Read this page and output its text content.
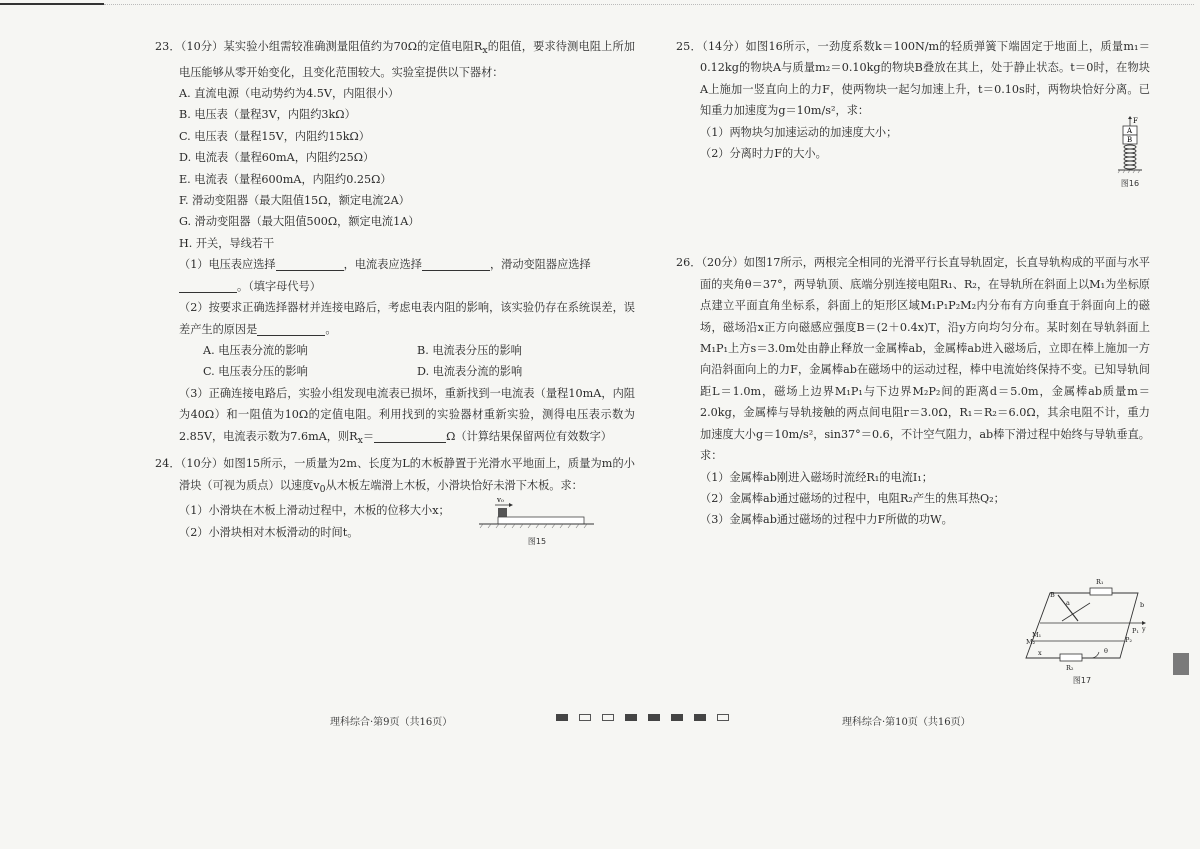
23．（10分）某实验小组需较准确测量阻值约为70Ω的定值电阻$R_x$的阻值，要求待测电阻上所加电压能够从零开始变化，且变化范围较大。实验室提供以下器材：

A. 直流电源（电动势约为4.5V，内阻很小）

B. 电压表（量程3V，内阻约3kΩ）

C. 电压表（量程15V，内阻约15kΩ）

D. 电流表（量程60mA，内阻约25Ω）

E. 电流表（量程600mA，内阻约0.25Ω）

F. 滑动变阻器（最大阻值15Ω，额定电流2A）

G. 滑动变阻器（最大阻值500Ω，额定电流1A）

H. 开关，导线若干

（1）电压表应选择	，电流表应选择	，滑动变阻器应选择

。（填字母代号）

（2）按要求正确选择器材并连接电路后，考虑电表内阻的影响，该实验仍存在系统误差，误差产生的原因是	。

A. 电压表分流的影响	B. 电流表分压的影响
C. 电压表分压的影响	D. 电流表分流的影响

（3）正确连接电路后，实验小组发现电流表已损坏，重新找到一电流表（量程10mA，内阻为40Ω）和一阻值为10Ω的定值电阻。利用找到的实验器材重新实验，测得电压表示数为2.85V，电流表示数为7.6mA，则$R_x=$	Ω（计算结果保留两位有效数字）

24．（10分）如图15所示，一质量为2m、长度为L的木板静置于光滑水平地面上，质量为m的小滑块（可视为质点）以速度$v_0$从木板左端滑上木板，小滑块恰好未滑下木板。求：

（1）小滑块在木板上滑动过程中，木板的位移大小x；

（2）小滑块相对木板滑动的时间t。

v₀
图15
理科综合·第9页（共16页）

25．（14分）如图16所示，一劲度系数k＝100N/m的轻质弹簧下端固定于地面上，质量m₁＝0.12kg的物块A与质量m₂＝0.10kg的物块B叠放在其上，处于静止状态。t＝0时，在物块A上施加一竖直向上的力F，使两物块一起匀加速上升，t＝0.10s时，两物块恰好分离。已知重力加速度为g＝10m/s²，求：

（1）两物块匀加速运动的加速度大小；

（2）分离时力F的大小。

F
A
B
图16

26．（20分）如图17所示，两根完全相同的光滑平行长直导轨固定，长直导轨构成的平面与水平面的夹角θ＝37°，两导轨顶、底端分别连接电阻R₁、R₂，在导轨所在斜面上以M₁为坐标原点建立平面直角坐标系，斜面上的矩形区域M₁P₁P₂M₂内分布有方向垂直于斜面向上的磁场，磁场沿x正方向磁感应强度B＝(2＋0.4x)T，沿y方向均匀分布。某时刻在导轨斜面上M₁P₁上方s＝3.0m处由静止释放一金属棒ab，金属棒ab进入磁场后，立即在棒上施加一方向沿斜面向上的力F，金属棒ab在磁场中的运动过程，棒中电流始终保持不变。已知导轨间距L＝1.0m，磁场上边界M₁P₁与下边界M₂P₂间的距离d＝5.0m，金属棒ab质量m＝2.0kg，金属棒与导轨接触的两点间电阻r＝3.0Ω，R₁＝R₂＝6.0Ω，其余电阻不计，重力加速度大小g＝10m/s²，sin37°＝0.6，不计空气阻力，ab棒下滑过程中始终与导轨垂直。求：

（1）金属棒ab刚进入磁场时流经R₁的电流I₁；

（2）金属棒ab通过磁场的过程中，电阻R₂产生的焦耳热Q₂；

（3）金属棒ab通过磁场的过程中力F所做的功W。

R₁
B
a	b
M₁	P₁ y
M₂	P₂
x	θ
R₂
图17
理科综合·第10页（共16页）
